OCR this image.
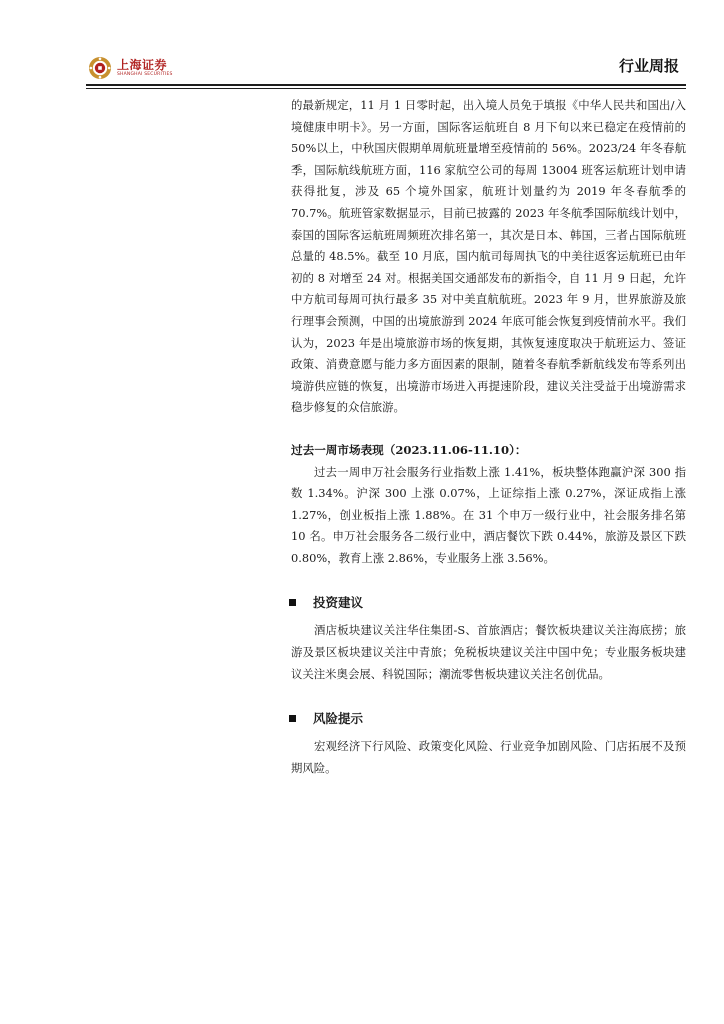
上海证券
SHANGHAI SECURITIES	行业周报

的最新规定，11 月 1 日零时起，出入境人员免于填报《中华人民共和国出/入境健康申明卡》。另一方面，国际客运航班自 8 月下旬以来已稳定在疫情前的 50%以上，中秋国庆假期单周航班量增至疫情前的 56%。2023/24 年冬春航季，国际航线航班方面，116 家航空公司的每周 13004 班客运航班计划申请获得批复，涉及 65 个境外国家，航班计划量约为 2019 年冬春航季的 70.7%。航班管家数据显示，目前已披露的 2023 年冬航季国际航线计划中，泰国的国际客运航班周频班次排名第一，其次是日本、韩国，三者占国际航班总量的 48.5%。截至 10 月底，国内航司每周执飞的中美往返客运航班已由年初的 8 对增至 24 对。根据美国交通部发布的新指令，自 11 月 9 日起，允许中方航司每周可执行最多 35 对中美直航航班。2023 年 9 月，世界旅游及旅行理事会预测，中国的出境旅游到 2024 年底可能会恢复到疫情前水平。我们认为，2023 年是出境旅游市场的恢复期，其恢复速度取决于航班运力、签证政策、消费意愿与能力多方面因素的限制，随着冬春航季新航线发布等系列出境游供应链的恢复，出境游市场进入再提速阶段，建议关注受益于出境游需求稳步修复的众信旅游。

过去一周市场表现（2023.11.06-11.10）：

过去一周申万社会服务行业指数上涨 1.41%，板块整体跑赢沪深 300 指数 1.34%。沪深 300 上涨 0.07%，上证综指上涨 0.27%，深证成指上涨 1.27%，创业板指上涨 1.88%。在 31 个申万一级行业中，社会服务排名第 10 名。申万社会服务各二级行业中，酒店餐饮下跌 0.44%，旅游及景区下跌 0.80%，教育上涨 2.86%，专业服务上涨 3.56%。

投资建议

酒店板块建议关注华住集团-S、首旅酒店；餐饮板块建议关注海底捞；旅游及景区板块建议关注中青旅；免税板块建议关注中国中免；专业服务板块建议关注米奥会展、科锐国际；潮流零售板块建议关注名创优品。

风险提示

宏观经济下行风险、政策变化风险、行业竞争加剧风险、门店拓展不及预期风险。
